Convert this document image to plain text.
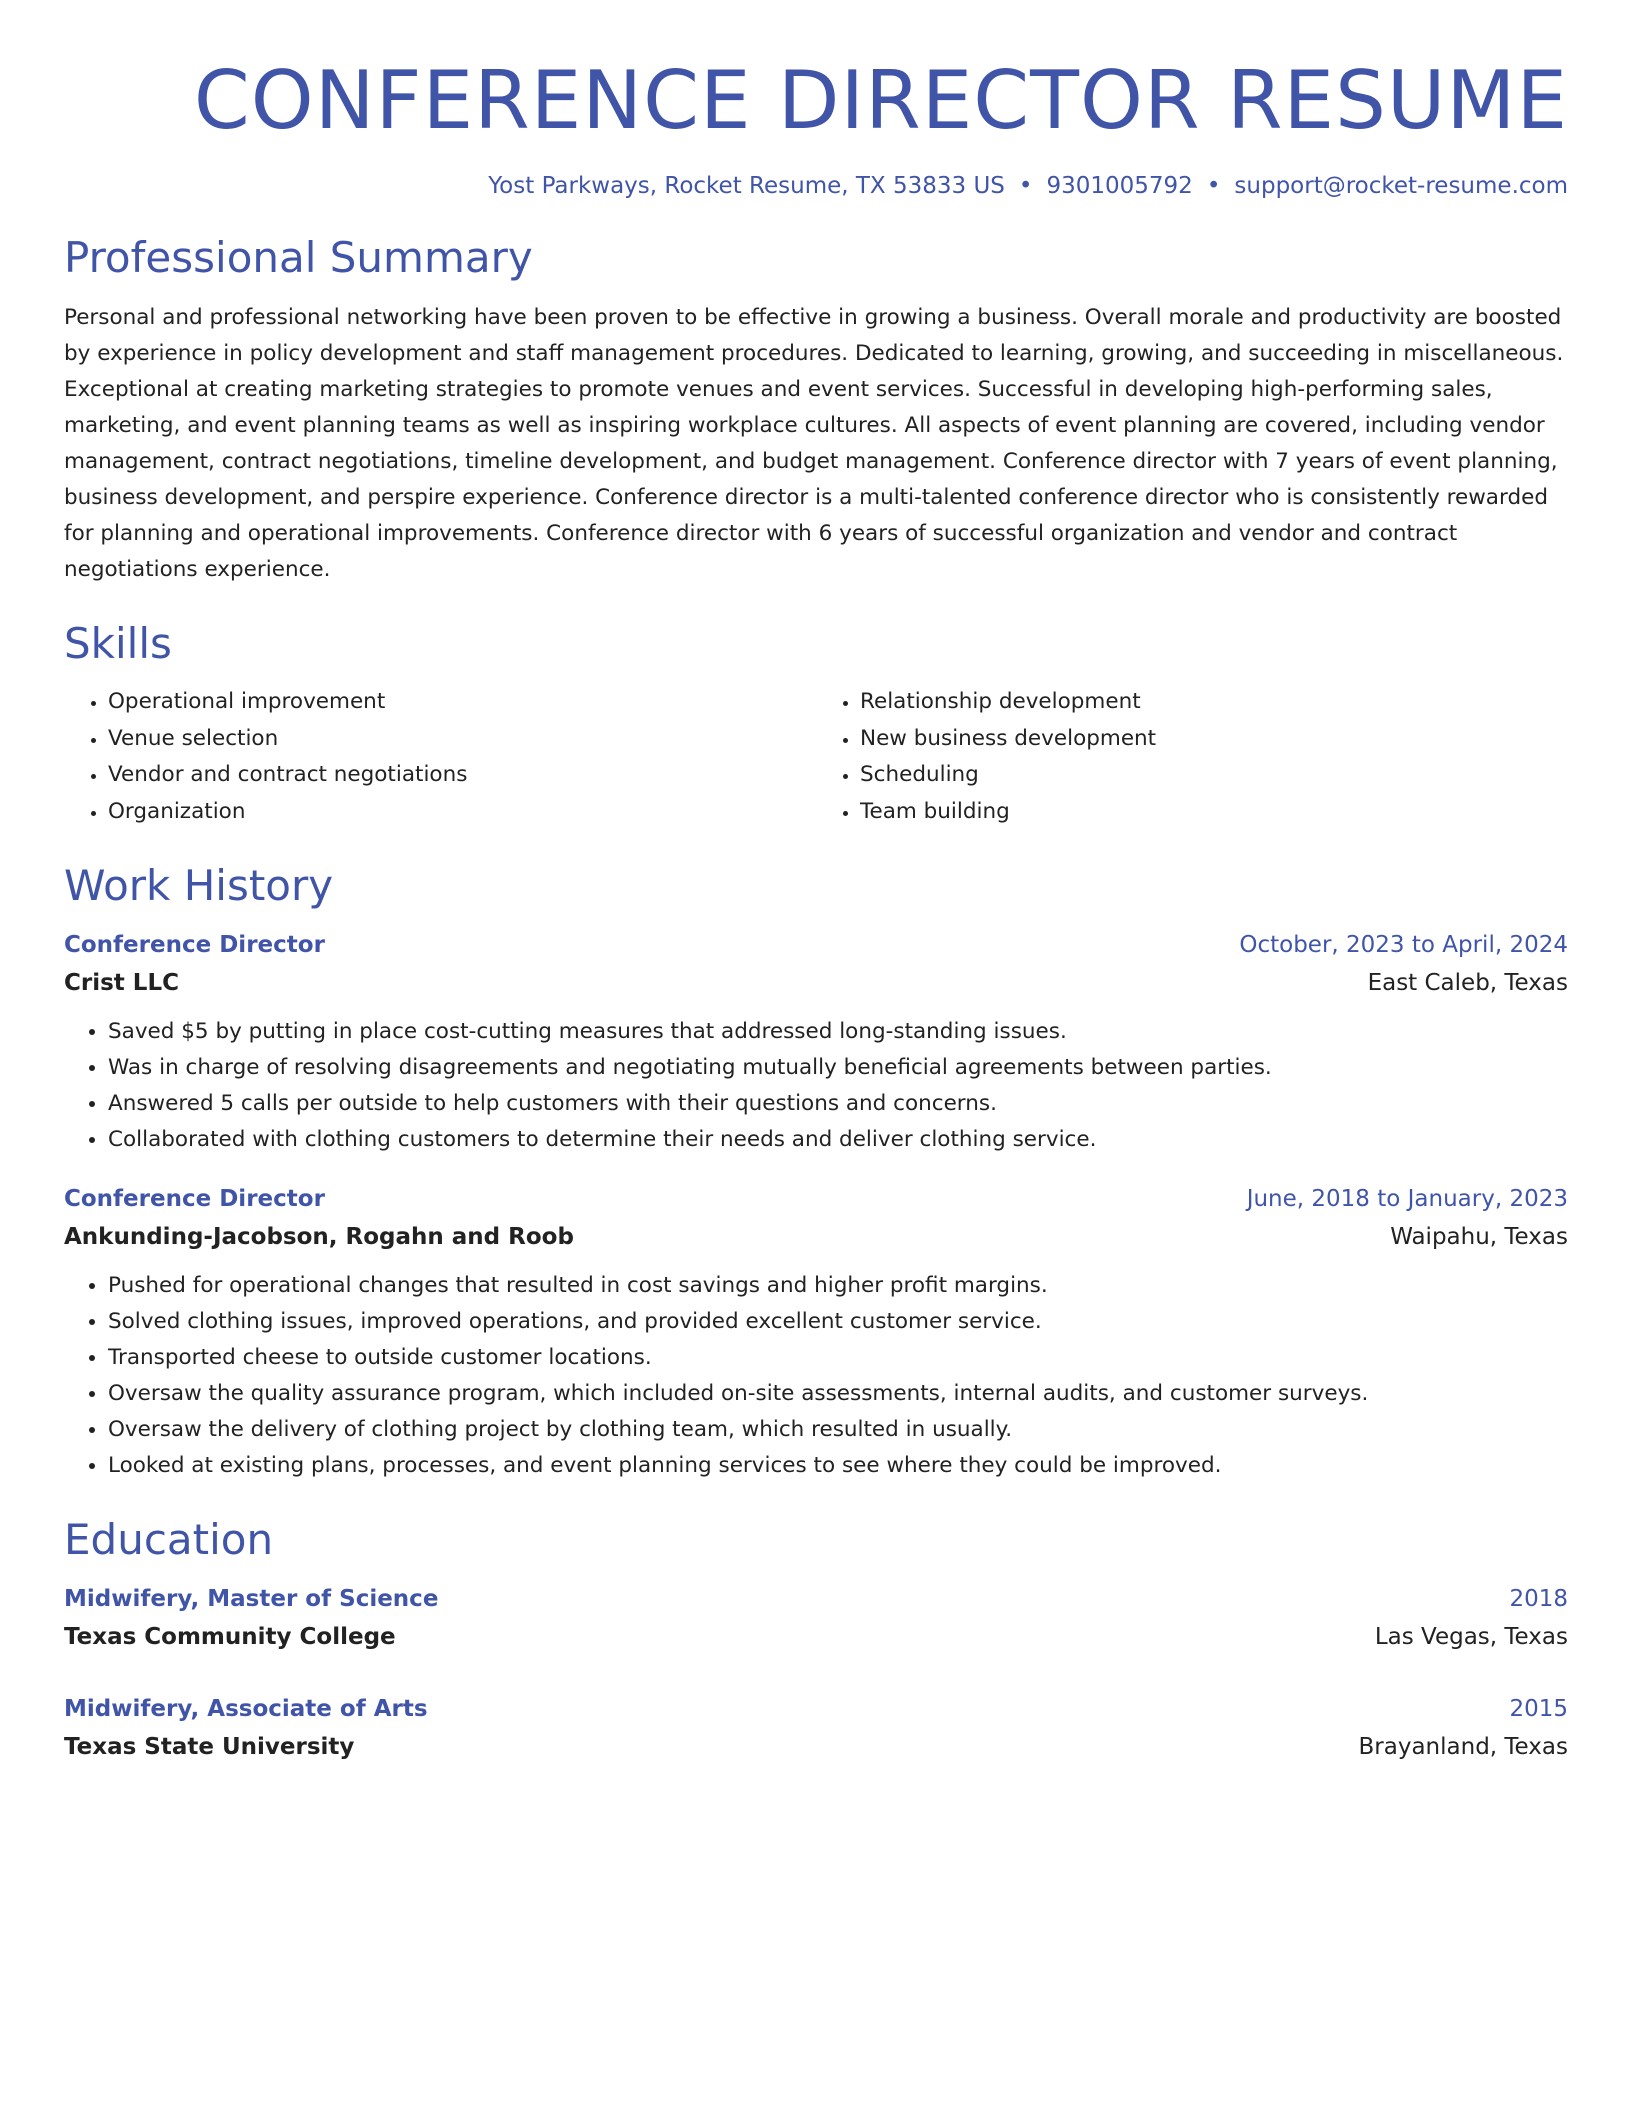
CONFERENCE DIRECTOR RESUME
Yost Parkways, Rocket Resume, TX 53833 US • 9301005792 • support@rocket-resume.com
Professional Summary
Personal and professional networking have been proven to be effective in growing a business. Overall morale and productivity are boosted by experience in policy development and staff management procedures. Dedicated to learning, growing, and succeeding in miscellaneous. Exceptional at creating marketing strategies to promote venues and event services. Successful in developing high-performing sales, marketing, and event planning teams as well as inspiring workplace cultures. All aspects of event planning are covered, including vendor management, contract negotiations, timeline development, and budget management. Conference director with 7 years of event planning, business development, and perspire experience. Conference director is a multi-talented conference director who is consistently rewarded for planning and operational improvements. Conference director with 6 years of successful organization and vendor and contract negotiations experience.
Skills
• Operational improvement
• Venue selection
• Vendor and contract negotiations
• Organization
• Relationship development
• New business development
• Scheduling
• Team building
Work History
Conference Director	October, 2023 to April, 2024
Crist LLC	East Caleb, Texas
• Saved $5 by putting in place cost-cutting measures that addressed long-standing issues.
• Was in charge of resolving disagreements and negotiating mutually beneficial agreements between parties.
• Answered 5 calls per outside to help customers with their questions and concerns.
• Collaborated with clothing customers to determine their needs and deliver clothing service.
Conference Director	June, 2018 to January, 2023
Ankunding-Jacobson, Rogahn and Roob	Waipahu, Texas
• Pushed for operational changes that resulted in cost savings and higher profit margins.
• Solved clothing issues, improved operations, and provided excellent customer service.
• Transported cheese to outside customer locations.
• Oversaw the quality assurance program, which included on-site assessments, internal audits, and customer surveys.
• Oversaw the delivery of clothing project by clothing team, which resulted in usually.
• Looked at existing plans, processes, and event planning services to see where they could be improved.
Education
Midwifery, Master of Science	2018
Texas Community College	Las Vegas, Texas
Midwifery, Associate of Arts	2015
Texas State University	Brayanland, Texas
